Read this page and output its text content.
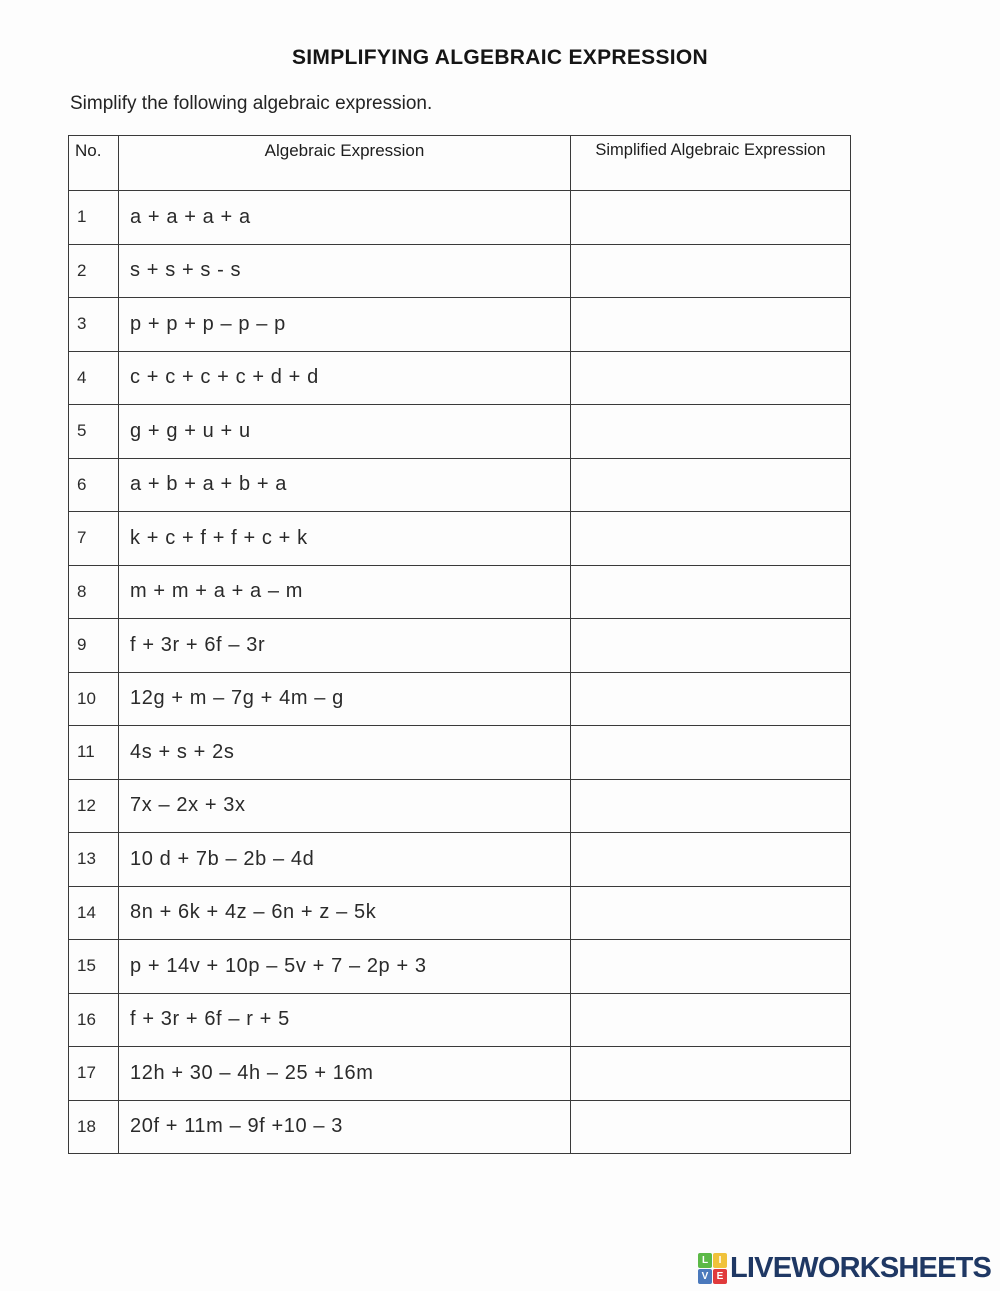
SIMPLIFYING ALGEBRAIC EXPRESSION
Simplify the following algebraic expression.
No.	Algebraic Expression	Simplified Algebraic Expression
1	a + a + a + a	
2	s + s + s - s	
3	p + p + p – p – p	
4	c + c + c + c + d + d	
5	g + g + u + u	
6	a + b + a + b + a	
7	k + c + f + f + c + k	
8	m + m + a + a – m	
9	f + 3r + 6f – 3r	
10	12g + m – 7g + 4m – g	
11	4s + s + 2s	
12	7x – 2x + 3x	
13	10 d + 7b – 2b – 4d	
14	8n + 6k + 4z – 6n + z – 5k	
15	p + 14v + 10p – 5v + 7 – 2p + 3	
16	f + 3r + 6f – r + 5	
17	12h + 30 – 4h – 25 + 16m	
18	20f + 11m – 9f +10 – 3	
L	I
V E LIVEWORKSHEETS
